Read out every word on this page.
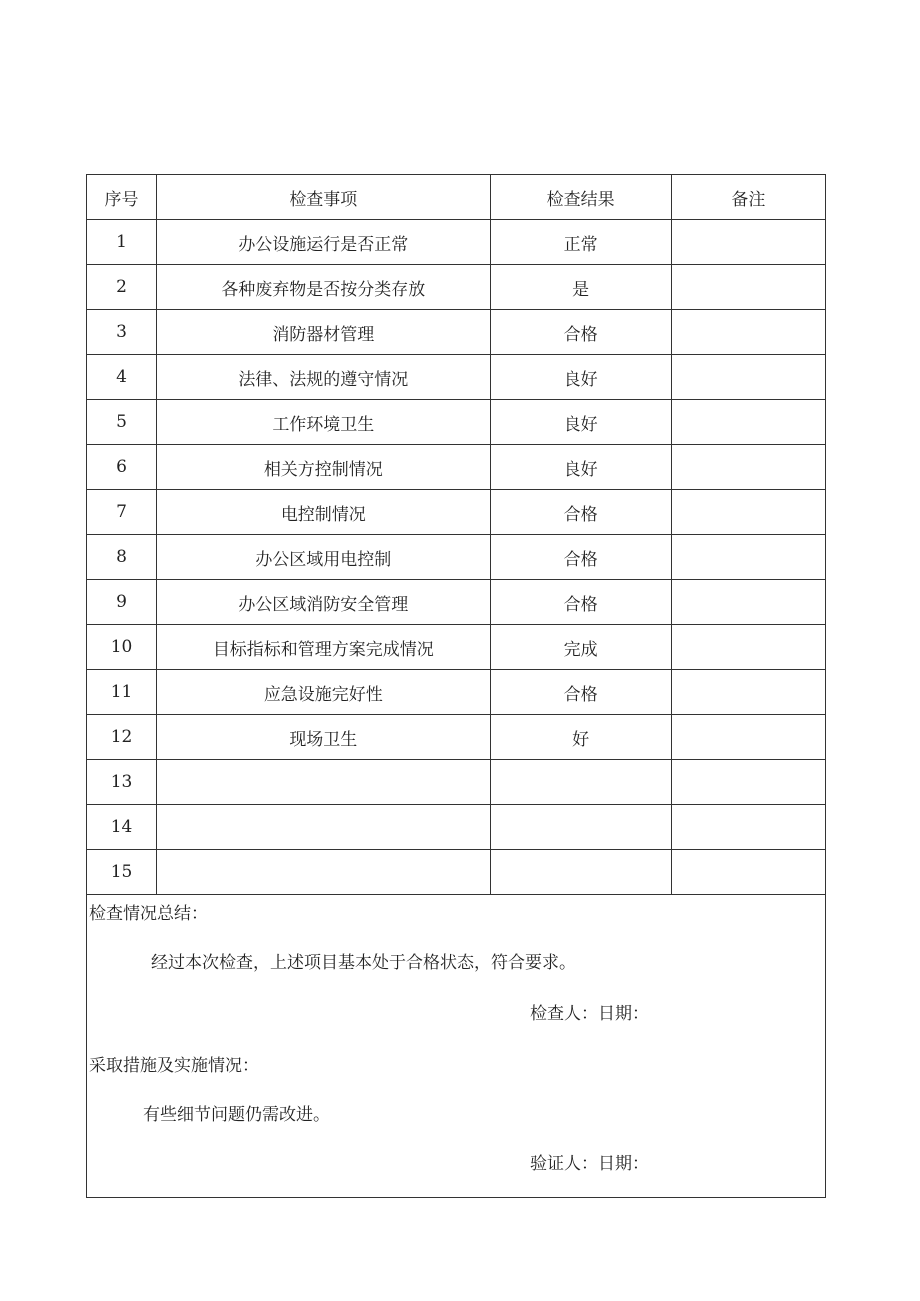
序号	检查事项	检查结果	备注
1	办公设施运行是否正常	正常	
2	各种废弃物是否按分类存放	是	
3	消防器材管理	合格	
4	法律、法规的遵守情况	良好	
5	工作环境卫生	良好	
6	相关方控制情况	良好	
7	电控制情况	合格	
8	办公区域用电控制	合格	
9	办公区域消防安全管理	合格	
10	目标指标和管理方案完成情况	完成	
11	应急设施完好性	合格	
12	现场卫生	好	
13			
14			
15			
检查情况总结：
经过本次检查，上述项目基本处于合格状态，符合要求。
检查人：日期：
采取措施及实施情况：
有些细节问题仍需改进。
验证人：日期：
